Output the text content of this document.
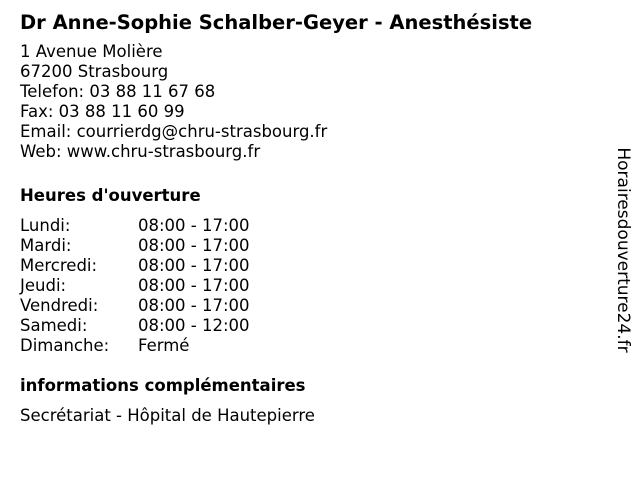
Dr Anne-Sophie Schalber-Geyer - Anesthésiste
1 Avenue Molière
67200 Strasbourg
Telefon: 03 88 11 67 68
Fax: 03 88 11 60 99
Email: courrierdg@chru-strasbourg.fr
Web: www.chru-strasbourg.fr
Heures d'ouverture
Lundi:	08:00 - 17:00
Mardi:	08:00 - 17:00
Mercredi:	08:00 - 17:00
Jeudi:	08:00 - 17:00
Vendredi:	08:00 - 17:00
Samedi:	08:00 - 12:00
Dimanche:	Fermé
informations complémentaires
Secrétariat - Hôpital de Hautepierre
Horairesdouverture24.fr
